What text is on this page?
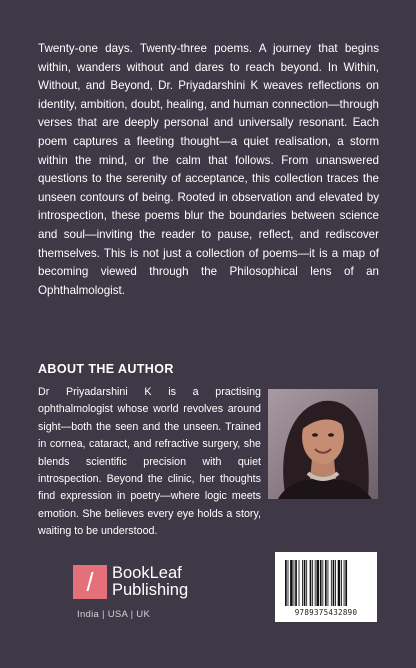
Twenty-one days. Twenty-three poems. A journey that begins within, wanders without and dares to reach beyond. In Within, Without, and Beyond, Dr. Priyadarshini K weaves reflections on identity, ambition, doubt, healing, and human connection—through verses that are deeply personal and universally resonant. Each poem captures a fleeting thought—a quiet realisation, a storm within the mind, or the calm that follows. From unanswered questions to the serenity of acceptance, this collection traces the unseen contours of being. Rooted in observation and elevated by introspection, these poems blur the boundaries between science and soul—inviting the reader to pause, reflect, and rediscover themselves. This is not just a collection of poems—it is a map of becoming viewed through the Philosophical lens of an Ophthalmologist.

ABOUT THE AUTHOR

Dr Priyadarshini K is a practising ophthalmologist whose world revolves around sight—both the seen and the unseen. Trained in cornea, cataract, and refractive surgery, she blends scientific precision with quiet introspection. Beyond the clinic, her thoughts find expression in poetry—where logic meets emotion. She believes every eye holds a story, waiting to be understood.

/	BookLeaf
Publishing
India | USA | UK	9789375432890
